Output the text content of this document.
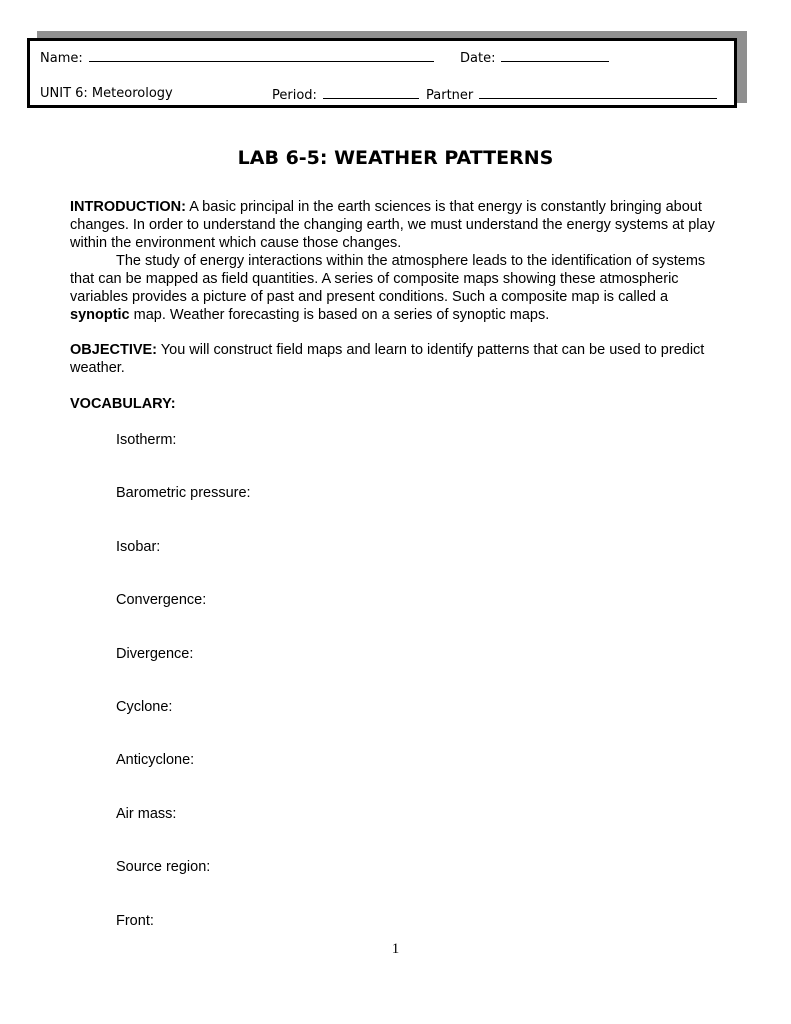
Name:	Date:
UNIT 6: Meteorology	Period:	Partner
LAB 6-5: WEATHER PATTERNS

INTRODUCTION: A basic principal in the earth sciences is that energy is constantly bringing about changes. In order to understand the changing earth, we must understand the energy systems at play within the environment which cause those changes.

The study of energy interactions within the atmosphere leads to the identification of systems that can be mapped as field quantities. A series of composite maps showing these atmospheric variables provides a picture of past and present conditions. Such a composite map is called a synoptic map. Weather forecasting is based on a series of synoptic maps.

OBJECTIVE: You will construct field maps and learn to identify patterns that can be used to predict weather.
VOCABULARY:
Isotherm:
Barometric pressure:
Isobar:
Convergence:
Divergence:
Cyclone:
Anticyclone:
Air mass:
Source region:
Front:
1
